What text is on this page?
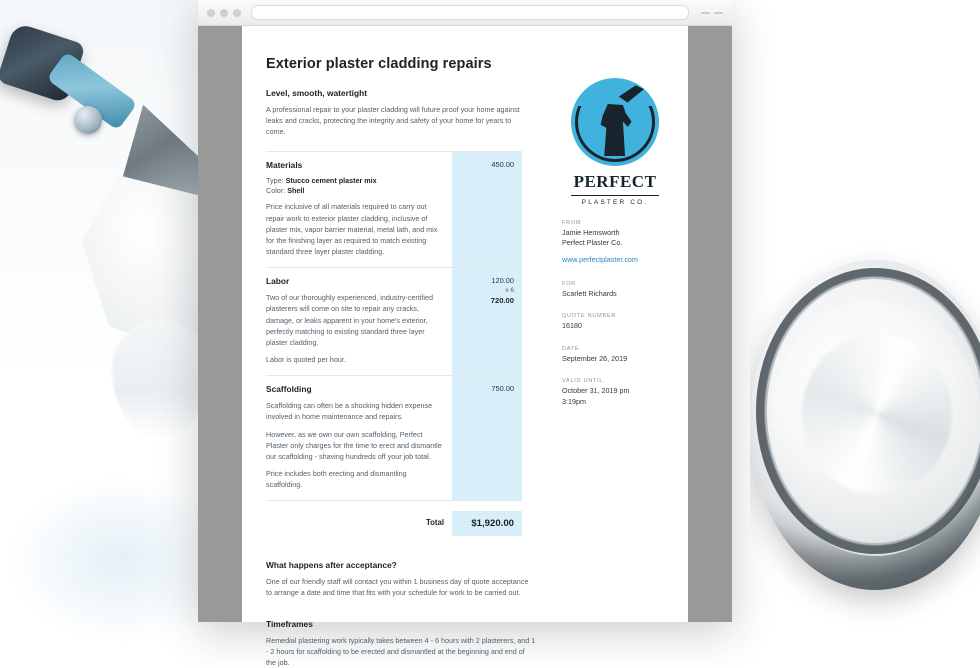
Exterior plaster cladding repairs
Level, smooth, watertight

A professional repair to your plaster cladding will future proof your home against leaks and cracks, protecting the integrity and safety of your home for years to come.

Materials
Type: Stucco cement plaster mix
Color: Shell

Price inclusive of all materials required to carry out repair work to exterior plaster cladding, inclusive of plaster mix, vapor barrier material, metal lath, and mix for the finishing layer as required to match existing standard three layer plaster cladding.

450.00
Labor

Two of our thoroughly experienced, industry-certified plasterers will come on site to repair any cracks, damage, or leaks apparent in your home's exterior, perfectly matching to existing standard three layer plaster cladding.

Labor is quoted per hour.

120.00
x 6
720.00
Scaffolding

Scaffolding can often be a shocking hidden expense involved in home maintenance and repairs.

However, as we own our own scaffolding, Perfect Plaster only charges for the time to erect and dismantle our scaffolding - shaving hundreds off your job total.

Price includes both erecting and dismantling scaffolding.

750.00
Total	$1,920.00
What happens after acceptance?

One of our friendly staff will contact you within 1 business day of quote acceptance to arrange a date and time that fits with your schedule for work to be carried out.

Timeframes

Remedial plastering work typically takes between 4 - 6 hours with 2 plasterers, and 1 - 2 hours for scaffolding to be erected and dismantled at the beginning and end of the job.

PERFECT
PLASTER CO.
FROM
Jamie Hemsworth
Perfect Plaster Co.
www.perfectplaster.com
FOR
Scarlett Richards
QUOTE NUMBER
16180
DATE
September 26, 2019
VALID UNTIL,
October 31, 2019 pm
3:19pm
